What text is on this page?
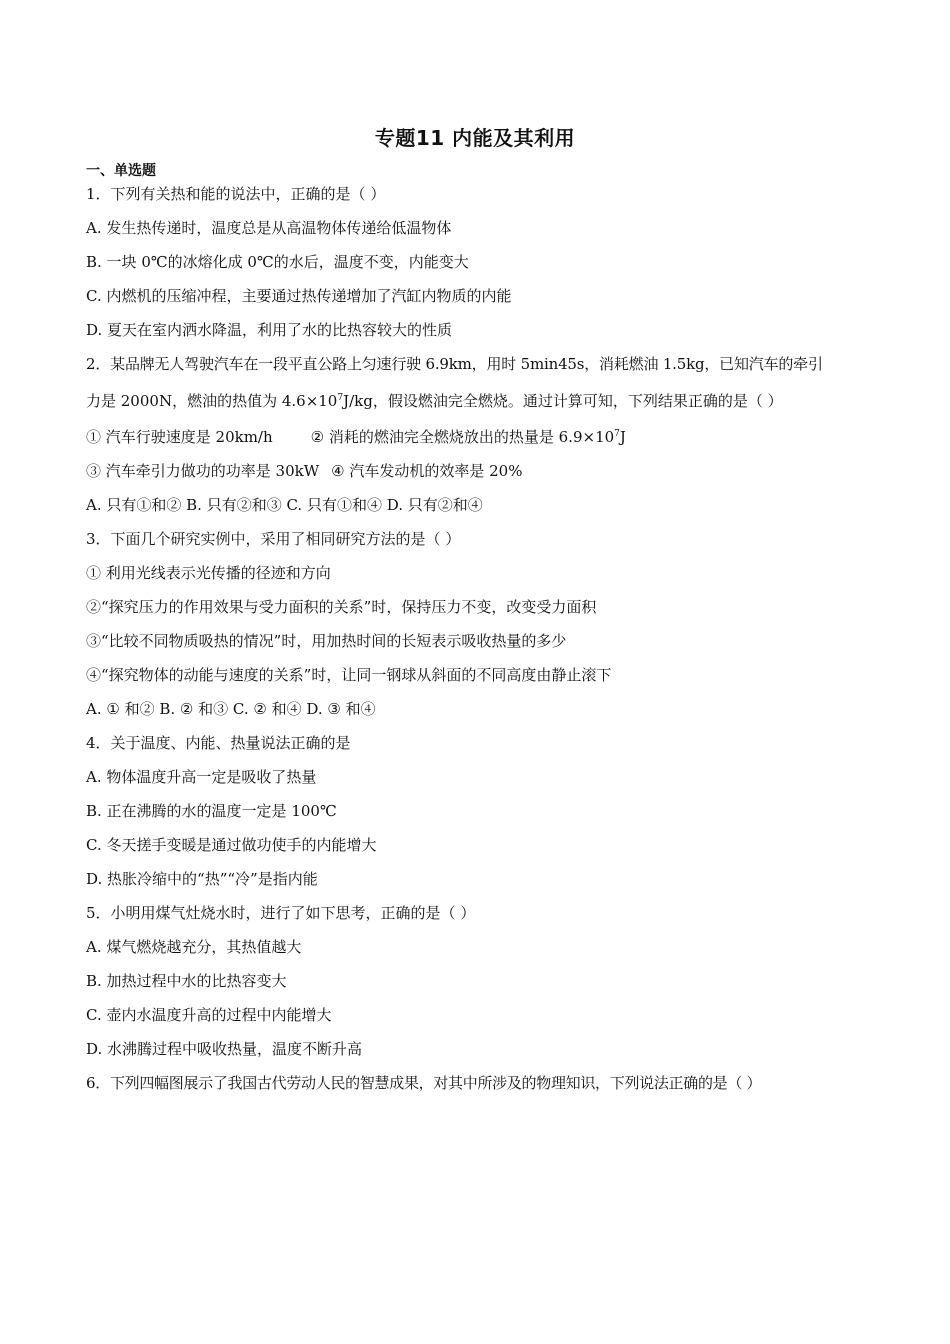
专题11 内能及其利用
一、单选题
1．下列有关热和能的说法中，正确的是（ ）
A. 发生热传递时，温度总是从高温物体传递给低温物体
B. 一块 0℃的冰熔化成 0℃的水后，温度不变，内能变大
C. 内燃机的压缩冲程，主要通过热传递增加了汽缸内物质的内能
D. 夏天在室内洒水降温，利用了水的比热容较大的性质
2．某品牌无人驾驶汽车在一段平直公路上匀速行驶 6.9km，用时 5min45s，消耗燃油 1.5kg，已知汽车的牵引
力是 2000N，燃油的热值为 $4.6\times 10^7J/kg$，假设燃油完全燃烧。通过计算可知，下列结果正确的是（ ）
① 汽车行驶速度是 20km/h	② 消耗的燃油完全燃烧放出的热量是 $6.9\times 10^7J$
③ 汽车牵引力做功的功率是 30kW ④ 汽车发动机的效率是 20%
A. 只有①和② B. 只有②和③ C. 只有①和④ D. 只有②和④
3．下面几个研究实例中，采用了相同研究方法的是（ ）
① 利用光线表示光传播的径迹和方向
②“探究压力的作用效果与受力面积的关系”时，保持压力不变，改变受力面积
③“比较不同物质吸热的情况”时，用加热时间的长短表示吸收热量的多少
④“探究物体的动能与速度的关系”时，让同一钢球从斜面的不同高度由静止滚下
A. ① 和② B. ② 和③ C. ② 和④ D. ③ 和④
4．关于温度、内能、热量说法正确的是
A. 物体温度升高一定是吸收了热量
B. 正在沸腾的水的温度一定是 100℃
C. 冬天搓手变暖是通过做功使手的内能增大
D. 热胀冷缩中的“热”“冷”是指内能
5．小明用煤气灶烧水时，进行了如下思考，正确的是（ ）
A. 煤气燃烧越充分，其热值越大
B. 加热过程中水的比热容变大
C. 壶内水温度升高的过程中内能增大
D. 水沸腾过程中吸收热量，温度不断升高
6．下列四幅图展示了我国古代劳动人民的智慧成果，对其中所涉及的物理知识，下列说法正确的是（ ）
